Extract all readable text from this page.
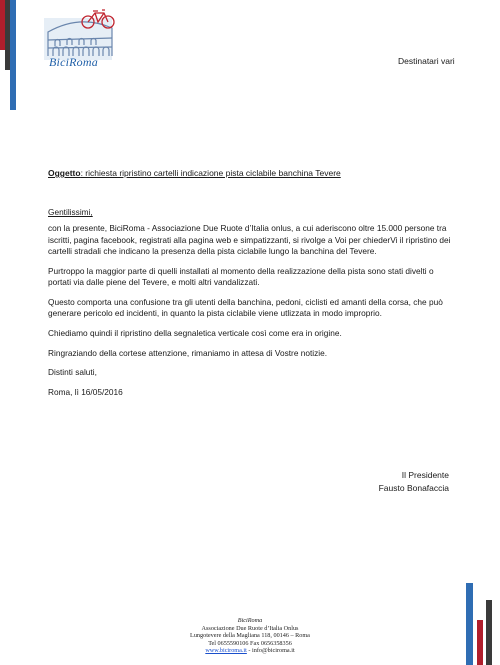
BiciRoma	Destinatari vari
Oggetto: richiesta ripristino cartelli indicazione pista ciclabile banchina Tevere
Gentilissimi,

con la presente, BiciRoma - Associazione Due Ruote d’Italia onlus, a cui aderiscono oltre 15.000 persone tra iscritti, pagina facebook, registrati alla pagina web e simpatizzanti, si rivolge a Voi per chiederVi il ripristino dei cartelli stradali che indicano la presenza della pista ciclabile lungo la banchina del Tevere.

Purtroppo la maggior parte di quelli installati al momento della realizzazione della pista sono stati divelti o portati via dalle piene del Tevere, e molti altri vandalizzati.

Questo comporta una confusione tra gli utenti della banchina, pedoni, ciclisti ed amanti della corsa, che può generare pericolo ed incidenti, in quanto la pista ciclabile viene utlizzata in modo improprio.

Chiediamo quindi il ripristino della segnaletica verticale così come era in origine.

Ringraziando della cortese attenzione, rimaniamo in attesa di Vostre notizie.

Distinti saluti,

Roma, lì 16/05/2016

Il Presidente
Fausto Bonafaccia
BiciRoma
Associazione Due Ruote d’Italia Onlus
Lungotevere della Magliana 118, 00146 – Roma
Tel 0655590106 Fax 0656358356
www.biciroma.it - info@biciroma.it
